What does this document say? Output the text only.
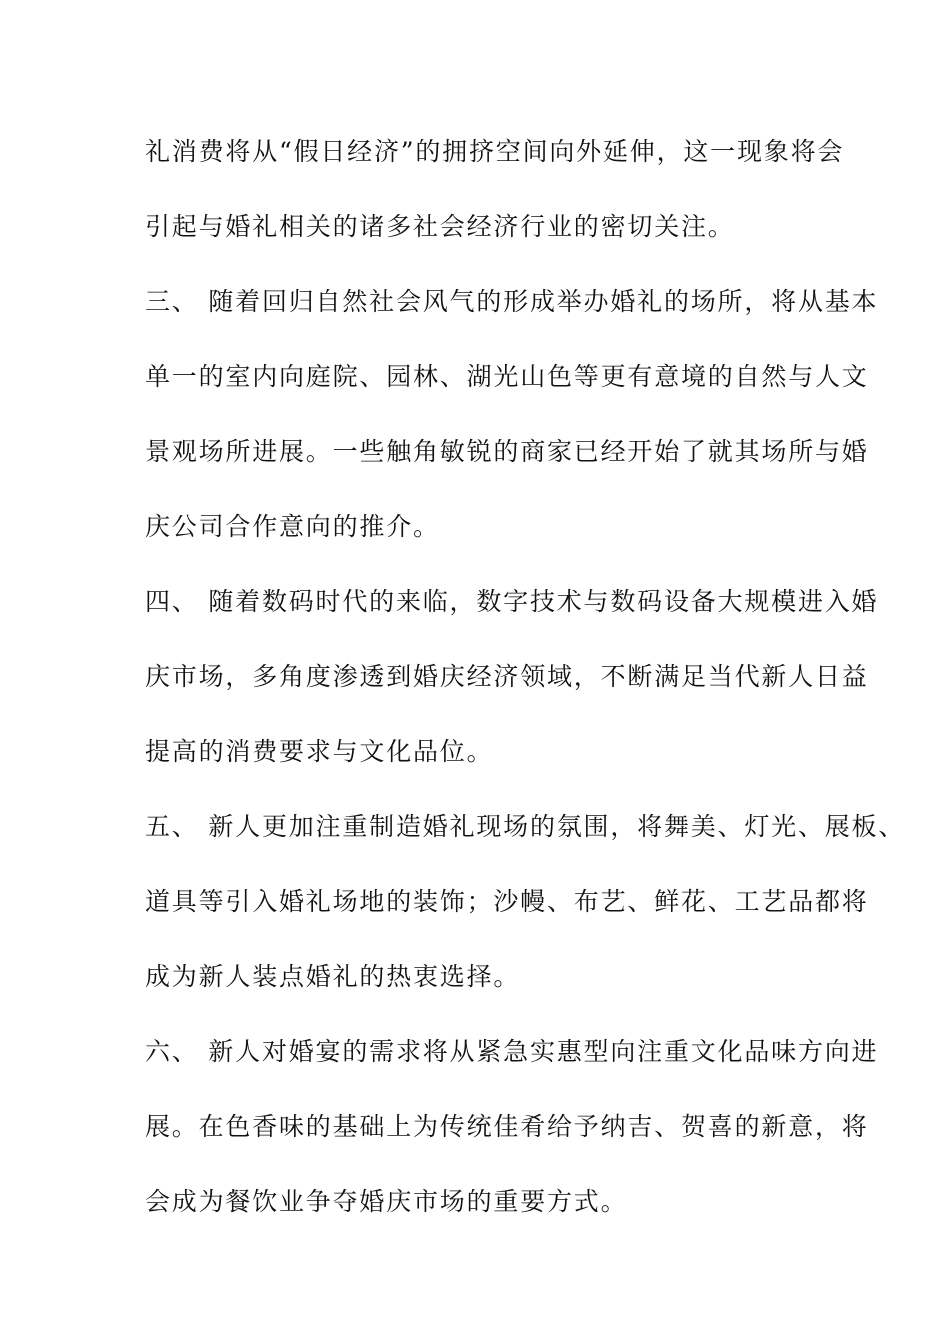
礼消费将从“假日经济”的拥挤空间向外延伸，这一现象将会
引起与婚礼相关的诸多社会经济行业的密切关注。
三、 随着回归自然社会风气的形成举办婚礼的场所，将从基本
单一的室内向庭院、园林、湖光山色等更有意境的自然与人文
景观场所进展。一些触角敏锐的商家已经开始了就其场所与婚
庆公司合作意向的推介。
四、 随着数码时代的来临，数字技术与数码设备大规模进入婚
庆市场，多角度渗透到婚庆经济领域，不断满足当代新人日益
提高的消费要求与文化品位。
五、 新人更加注重制造婚礼现场的氛围，将舞美、灯光、展板、
道具等引入婚礼场地的装饰；沙幔、布艺、鲜花、工艺品都将
成为新人装点婚礼的热衷选择。
六、 新人对婚宴的需求将从紧急实惠型向注重文化品味方向进
展。在色香味的基础上为传统佳肴给予纳吉、贺喜的新意，将
会成为餐饮业争夺婚庆市场的重要方式。
